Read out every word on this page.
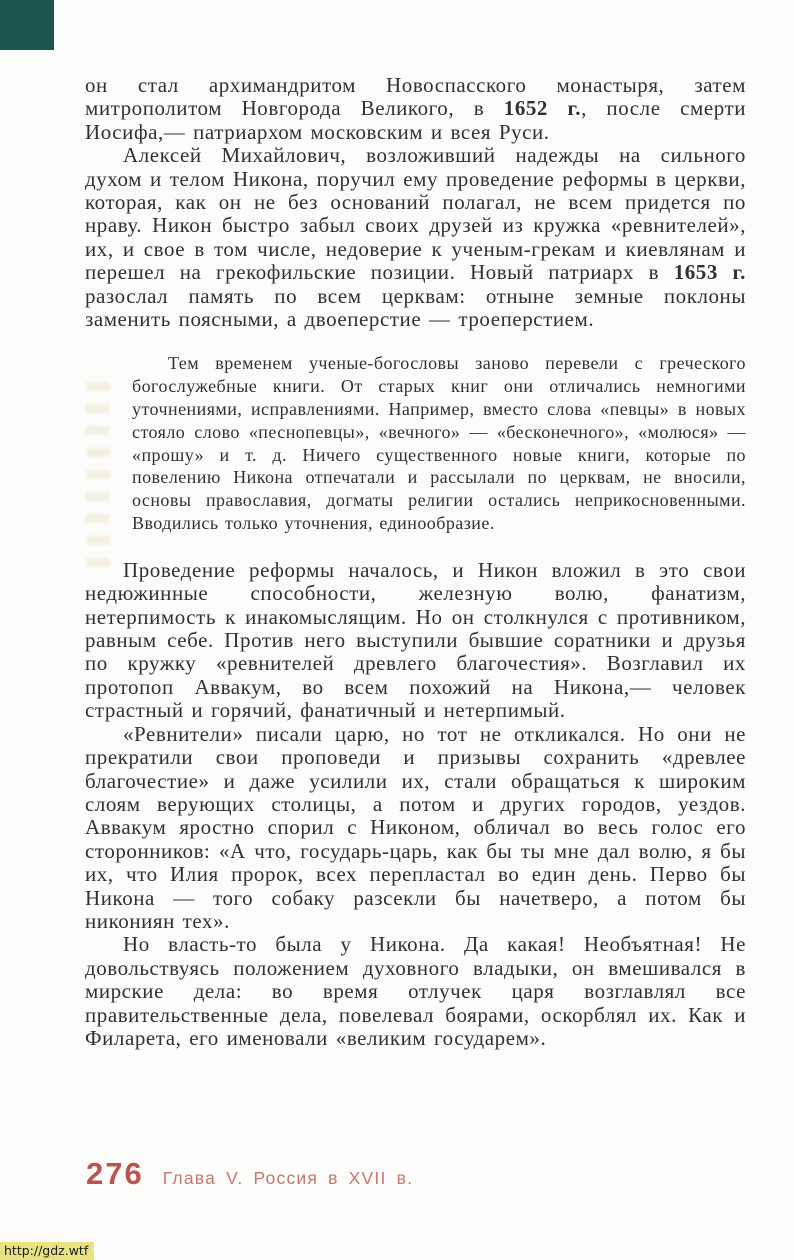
он стал архимандритом Новоспасского монастыря, затем митрополитом Новгорода Великого, в 1652 г., после смерти Иосифа,— патриархом московским и всея Руси.

Алексей Михайлович, возложивший надежды на сильного духом и телом Никона, поручил ему проведение реформы в церкви, которая, как он не без оснований полагал, не всем придется по нраву. Никон быстро забыл своих друзей из кружка «ревнителей», их, и свое в том числе, недоверие к ученым-грекам и киевлянам и перешел на грекофильские позиции. Новый патриарх в 1653 г. разослал память по всем церквам: отныне земные поклоны заменить поясными, а двоеперстие — троеперстием.

Тем временем ученые-богословы заново перевели с греческого богослужебные книги. От старых книг они отличались немногими уточнениями, исправлениями. Например, вместо слова «певцы» в новых стояло слово «песнопевцы», «вечного» — «бесконечного», «молюся» — «прошу» и т. д. Ничего существенного новые книги, которые по повелению Никона отпечатали и рассылали по церквам, не вносили, основы православия, догматы религии остались неприкосновенными. Вводились только уточнения, единообразие.

Проведение реформы началось, и Никон вложил в это свои недюжинные способности, железную волю, фанатизм, нетерпимость к инакомыслящим. Но он столкнулся с противником, равным себе. Против него выступили бывшие соратники и друзья по кружку «ревнителей древлего благочестия». Возглавил их протопоп Аввакум, во всем похожий на Никона,— человек страстный и горячий, фанатичный и нетерпимый.

«Ревнители» писали царю, но тот не откликался. Но они не прекратили свои проповеди и призывы сохранить «древлее благочестие» и даже усилили их, стали обращаться к широким слоям верующих столицы, а потом и других городов, уездов. Аввакум яростно спорил с Никоном, обличал во весь голос его сторонников: «А что, государь-царь, как бы ты мне дал волю, я бы их, что Илия пророк, всех перепластал во един день. Перво бы Никона — того собаку разсекли бы начетверо, а потом бы никониян тех».

Но власть-то была у Никона. Да какая! Необъятная! Не довольствуясь положением духовного владыки, он вмешивался в мирские дела: во время отлучек царя возглавлял все правительственные дела, повелевал боярами, оскорблял их. Как и Филарета, его именовали «великим государем».

276 Глава V. Россия в XVII в.
http://gdz.wtf
